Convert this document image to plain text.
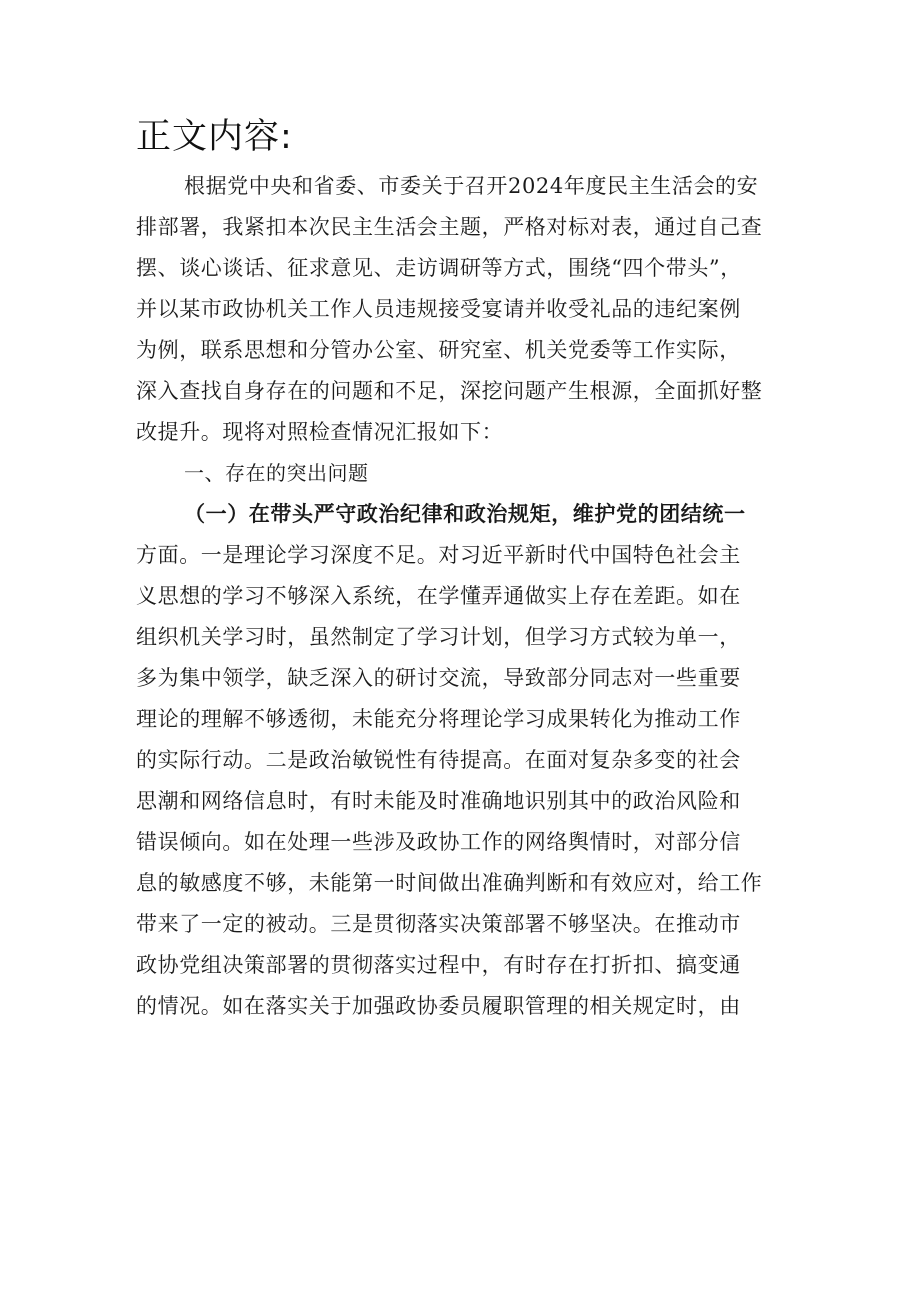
正文内容:
根据党中央和省委、市委关于召开2024年度民主生活会的安
排部署，我紧扣本次民主生活会主题，严格对标对表，通过自己查
摆、谈心谈话、征求意见、走访调研等方式，围绕“四个带头”，
并以某市政协机关工作人员违规接受宴请并收受礼品的违纪案例
为例，联系思想和分管办公室、研究室、机关党委等工作实际，
深入查找自身存在的问题和不足，深挖问题产生根源，全面抓好整
改提升。现将对照检查情况汇报如下：
一、存在的突出问题
（一）在带头严守政治纪律和政治规矩，维护党的团结统一
方面。一是理论学习深度不足。对习近平新时代中国特色社会主
义思想的学习不够深入系统，在学懂弄通做实上存在差距。如在
组织机关学习时，虽然制定了学习计划，但学习方式较为单一，
多为集中领学，缺乏深入的研讨交流，导致部分同志对一些重要
理论的理解不够透彻，未能充分将理论学习成果转化为推动工作
的实际行动。二是政治敏锐性有待提高。在面对复杂多变的社会
思潮和网络信息时，有时未能及时准确地识别其中的政治风险和
错误倾向。如在处理一些涉及政协工作的网络舆情时，对部分信
息的敏感度不够，未能第一时间做出准确判断和有效应对，给工作
带来了一定的被动。三是贯彻落实决策部署不够坚决。在推动市
政协党组决策部署的贯彻落实过程中，有时存在打折扣、搞变通
的情况。如在落实关于加强政协委员履职管理的相关规定时，由
